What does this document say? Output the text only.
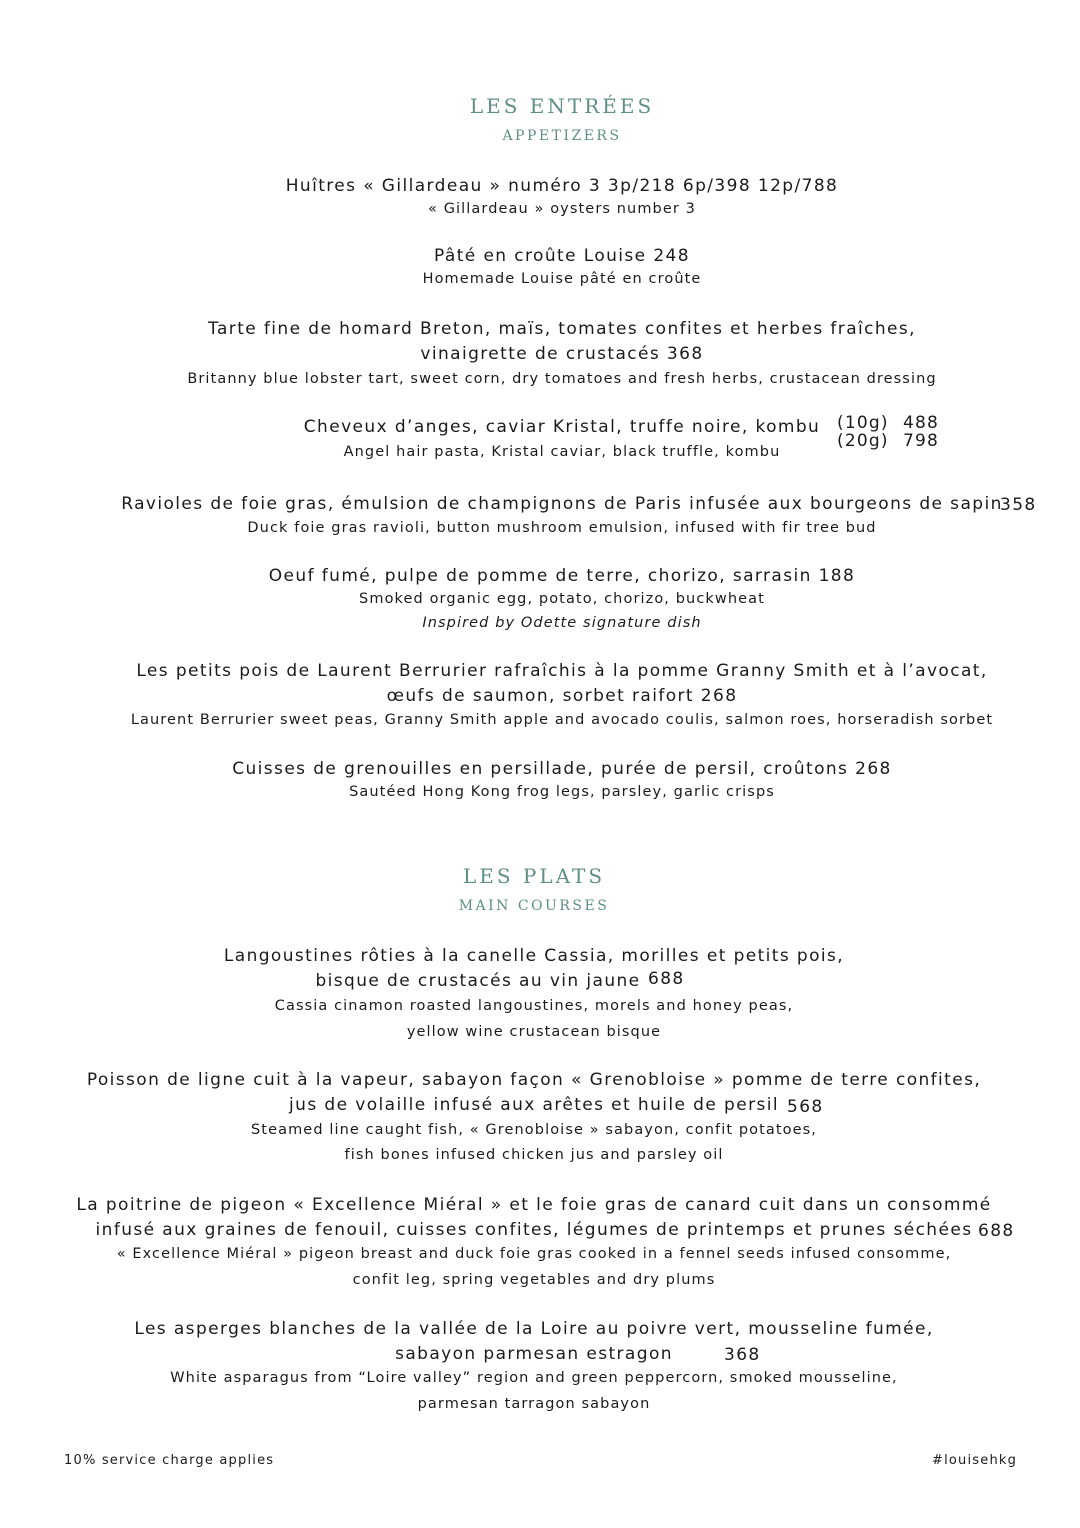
LES ENTRÉES
APPETIZERS
Huîtres « Gillardeau » numéro 3 3p/218 6p/398 12p/788
« Gillardeau » oysters number 3
Pâté en croûte Louise 248
Homemade Louise pâté en croûte
Tarte fine de homard Breton, maïs, tomates confites et herbes fraîches,
vinaigrette de crustacés 368
Britanny blue lobster tart, sweet corn, dry tomatoes and fresh herbs, crustacean dressing
Cheveux d’anges, caviar Kristal, truffe noire, kombu
Angel hair pasta, Kristal caviar, black truffle, kombu
(10g) 488
(20g) 798
Ravioles de foie gras, émulsion de champignons de Paris infusée aux bourgeons de sapin
358
Duck foie gras ravioli, button mushroom emulsion, infused with fir tree bud
Oeuf fumé, pulpe de pomme de terre, chorizo, sarrasin 188
Smoked organic egg, potato, chorizo, buckwheat
Inspired by Odette signature dish
Les petits pois de Laurent Berrurier rafraîchis à la pomme Granny Smith et à l’avocat,
œufs de saumon, sorbet raifort 268
Laurent Berrurier sweet peas, Granny Smith apple and avocado coulis, salmon roes, horseradish sorbet
Cuisses de grenouilles en persillade, purée de persil, croûtons 268
Sautéed Hong Kong frog legs, parsley, garlic crisps
LES PLATS
MAIN COURSES
Langoustines rôties à la canelle Cassia, morilles et petits pois,
bisque de crustacés au vin jaune 688
Cassia cinamon roasted langoustines, morels and honey peas,
yellow wine crustacean bisque
Poisson de ligne cuit à la vapeur, sabayon façon « Grenobloise » pomme de terre confites,
jus de volaille infusé aux arêtes et huile de persil 568
Steamed line caught fish, « Grenobloise » sabayon, confit potatoes,
fish bones infused chicken jus and parsley oil
La poitrine de pigeon « Excellence Miéral » et le foie gras de canard cuit dans un consommé
infusé aux graines de fenouil, cuisses confites, légumes de printemps et prunes séchées 688
« Excellence Miéral » pigeon breast and duck foie gras cooked in a fennel seeds infused consomme,
confit leg, spring vegetables and dry plums
Les asperges blanches de la vallée de la Loire au poivre vert, mousseline fumée,
sabayon parmesan estragon	368
White asparagus from “Loire valley” region and green peppercorn, smoked mousseline,
parmesan tarragon sabayon
10% service charge applies	#louisehkg
